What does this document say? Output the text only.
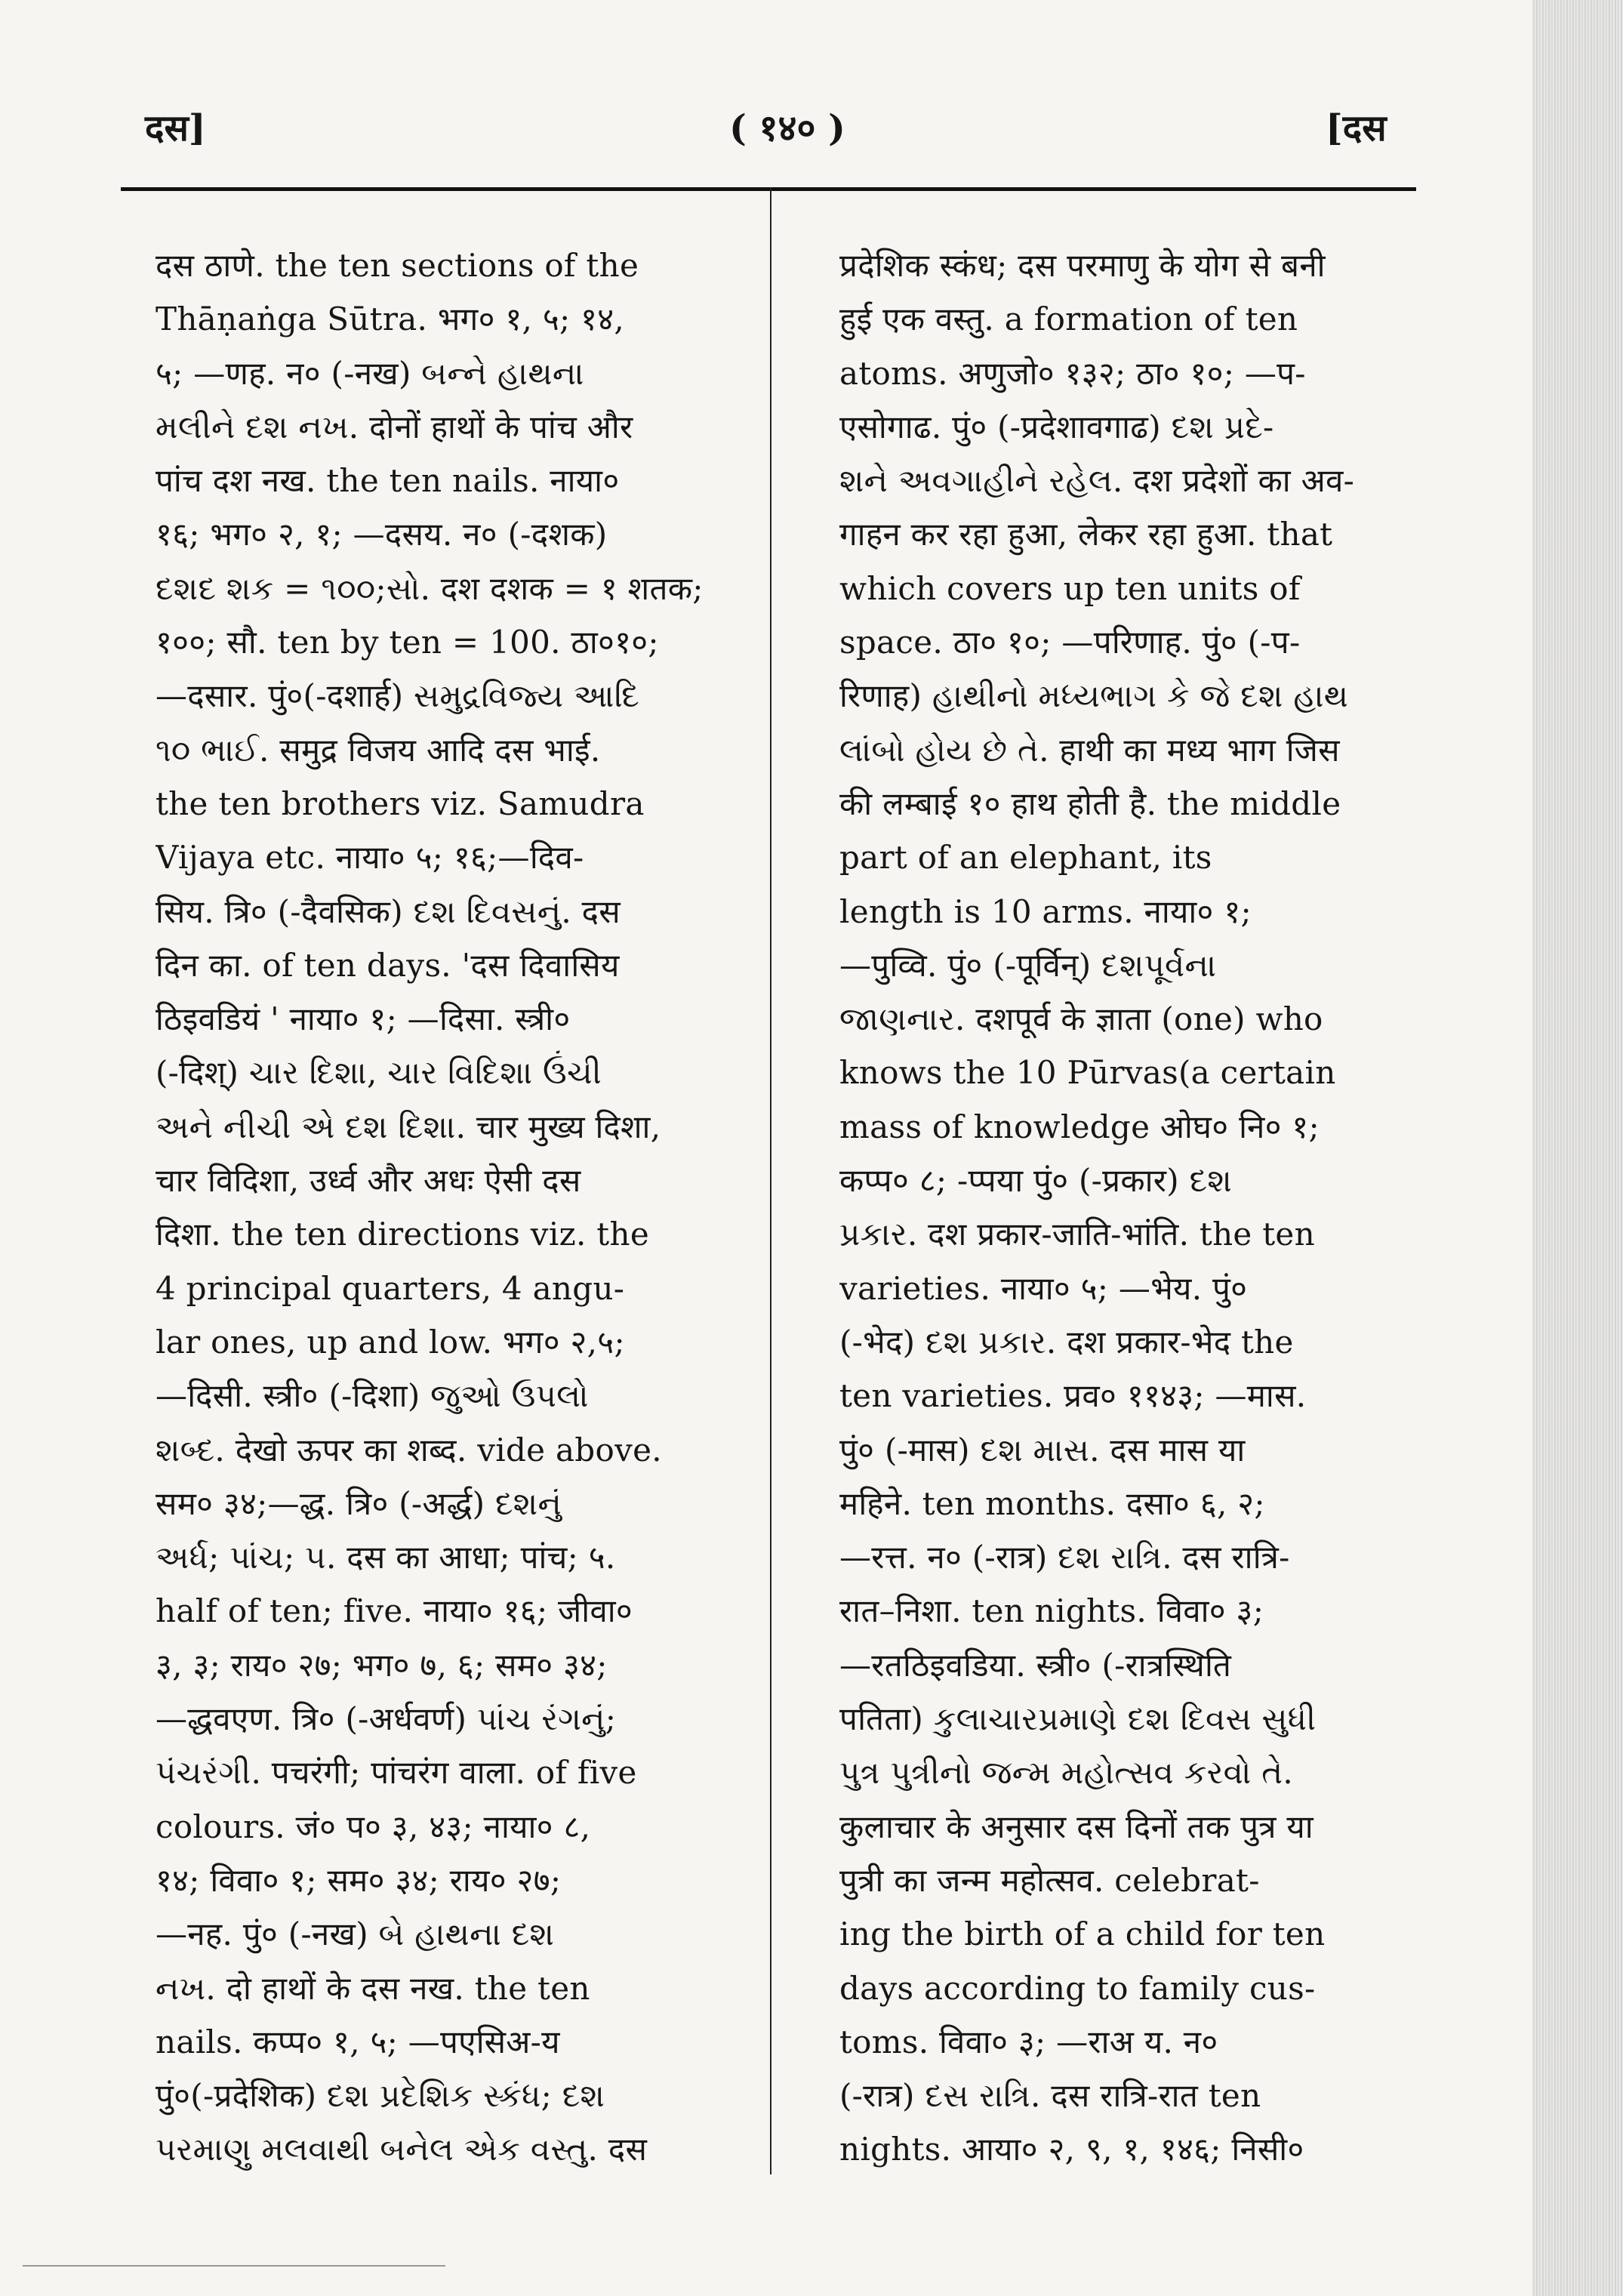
दस]	( १४० )	[दस
दस ठाणे. the ten sections of the
Thāṇaṅga Sūtra. भग० १, ५; १४,
५; —णह. न० (-नख) બન્ને હાથના
મલીને દશ નખ. दोनों हाथों के पांच और
पांच दश नख. the ten nails. नाया०
१६; भग० २, १; —दसय. न० (-दशक)
દશદ શક = ૧૦૦;સો. दश दशक = १ शतक;
१००; सौ. ten by ten = 100. ठा०१०;
—दसार. पुं०(-दशार्ह) સમુદ્રવિજ્ય આદિ
૧૦ ભાઈ. समुद्र विजय आदि दस भाई.
the ten brothers viz. Samudra
Vijaya etc. नाया० ५; १६;—दिव-
सिय. त्रि० (-दैवसिक) દશ દિવસનું. दस
दिन का. of ten days. 'दस दिवासिय
ठिइवडियं ' नाया० १; —दिसा. स्त्री०
(-दिश्) ચાર દિશા, ચાર વિદિશા ઉંચી
અને નીચી એ દશ દિશા. चार मुख्य दिशा,
चार विदिशा, उर्ध्व और अधः ऐसी दस
दिशा. the ten directions viz. the
4 principal quarters, 4 angu-
lar ones, up and low. भग० २,५;
—दिसी. स्त्री० (-दिशा) જુઓ ઉપલો
શબ્દ. देखो ऊपर का शब्द. vide above.
सम० ३४;—द्ध. त्रि० (-अर्द्ध) દશનું
અર્ધ; પાંચ; ૫. दस का आधा; पांच; ५.
half of ten; five. नाया० १६; जीवा०
३, ३; राय० २७; भग० ७, ६; सम० ३४;
—द्धवएण. त्रि० (-अर्धवर्ण) પાંચ રંગનું;
પંચરંગી. पचरंगी; पांचरंग वाला. of five
colours. जं० प० ३, ४३; नाया० ८,
१४; विवा० १; सम० ३४; राय० २७;
—नह. पुं० (-नख) બે હાથના દશ
નખ. दो हाथों के दस नख. the ten
nails. कप्प० १, ५; —पएसिअ-य
पुं०(-प्रदेशिक) દશ પ્રદેશિક સ્કંધ; દશ
પરમાણુ મલવાથી બનેલ એક વસ્તુ. दस
प्रदेशिक स्कंध; दस परमाणु के योग से बनी
हुई एक वस्तु. a formation of ten
atoms. अणुजो० १३२; ठा० १०; —प-
एसोगाढ. पुं० (-प्रदेशावगाढ) દશ પ્રદે-
શને અવગાહીને રહેલ. दश प्रदेशों का अव-
गाहन कर रहा हुआ, लेकर रहा हुआ. that
which covers up ten units of
space. ठा० १०; —परिणाह. पुं० (-प-
रिणाह) હાથીનો મધ્યભાગ કે જે દશ હાથ
લાંબો હોય છે તે. हाथी का मध्य भाग जिस
की लम्बाई १० हाथ होती है. the middle
part of an elephant, its
length is 10 arms. नाया० १;
—पुव्वि. पुं० (-पूर्विन्) દશપૂર્વના
જાણનાર. दशपूर्व के ज्ञाता (one) who
knows the 10 Pūrvas(a certain
mass of knowledge ओघ० नि० १;
कप्प० ८; -प्पया पुं० (-प्रकार) દશ
પ્રકાર. दश प्रकार-जाति-भांति. the ten
varieties. नाया० ५; —भेय. पुं०
(-भेद) દશ પ્રકાર. दश प्रकार-भेद the
ten varieties. प्रव० ११४३; —मास.
पुं० (-मास) દશ માસ. दस मास या
महिने. ten months. दसा० ६, २;
—रत्त. न० (-रात्र) દશ રાત્રિ. दस रात्रि-
रात–निशा. ten nights. विवा० ३;
—रतठिइवडिया. स्त्री० (-रात्रस्थिति
पतिता) કુલાચારપ્રમાણે દશ દિવસ સુધી
પુત્ર પુત્રીનો જન્મ મહોત્સવ કરવો તે.
कुलाचार के अनुसार दस दिनों तक पुत्र या
पुत्री का जन्म महोत्सव. celebrat-
ing the birth of a child for ten
days according to family cus-
toms. विवा० ३; —राअ य. न०
(-रात्र) દસ રાત્રિ. दस रात्रि-रात ten
nights. आया० २, ९, १, १४६; निसी०
